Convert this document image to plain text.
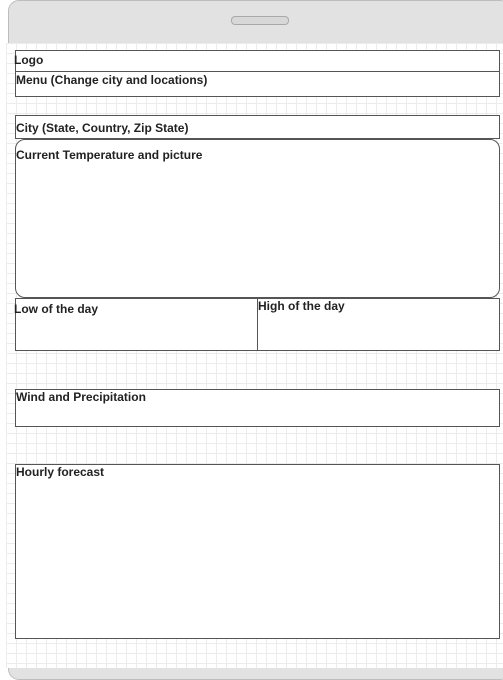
Logo
Menu (Change city and locations)
City (State, Country, Zip State)
Current Temperature and picture
Low of the day	High of the day
Wind and Precipitation
Hourly forecast
